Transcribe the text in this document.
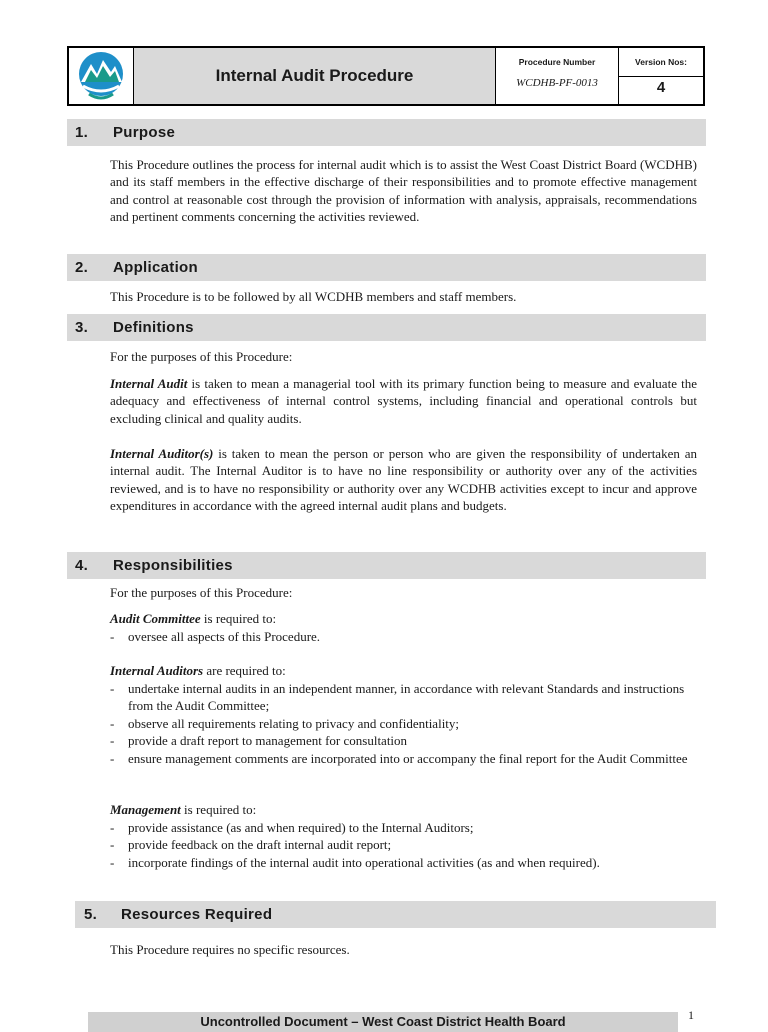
Internal Audit Procedure
Procedure Number
WCDHB-PF-0013
Version Nos:
4
1.	Purpose
This Procedure outlines the process for internal audit which is to assist the West Coast District Board (WCDHB) and its staff members in the effective discharge of their responsibilities and to promote effective management and control at reasonable cost through the provision of information with analysis, appraisals, recommendations and pertinent comments concerning the activities reviewed.
2.	Application
This Procedure is to be followed by all WCDHB members and staff members.
3.	Definitions
For the purposes of this Procedure:
Internal Audit is taken to mean a managerial tool with its primary function being to measure and evaluate the adequacy and effectiveness of internal control systems, including financial and operational controls but excluding clinical and quality audits.
Internal Auditor(s) is taken to mean the person or person who are given the responsibility of undertaken an internal audit. The Internal Auditor is to have no line responsibility or authority over any of the activities reviewed, and is to have no responsibility or authority over any WCDHB activities except to incur and approve expenditures in accordance with the agreed internal audit plans and budgets.
4.	Responsibilities
For the purposes of this Procedure:
Audit Committee is required to:
- oversee all aspects of this Procedure.
Internal Auditors are required to:
- undertake internal audits in an independent manner, in accordance with relevant Standards and instructions from the Audit Committee;
- observe all requirements relating to privacy and confidentiality;
- provide a draft report to management for consultation
- ensure management comments are incorporated into or accompany the final report for the Audit Committee
Management is required to:
- provide assistance (as and when required) to the Internal Auditors;
- provide feedback on the draft internal audit report;
- incorporate findings of the internal audit into operational activities (as and when required).
5.	Resources Required
This Procedure requires no specific resources.
Uncontrolled Document – West Coast District Health Board	1
